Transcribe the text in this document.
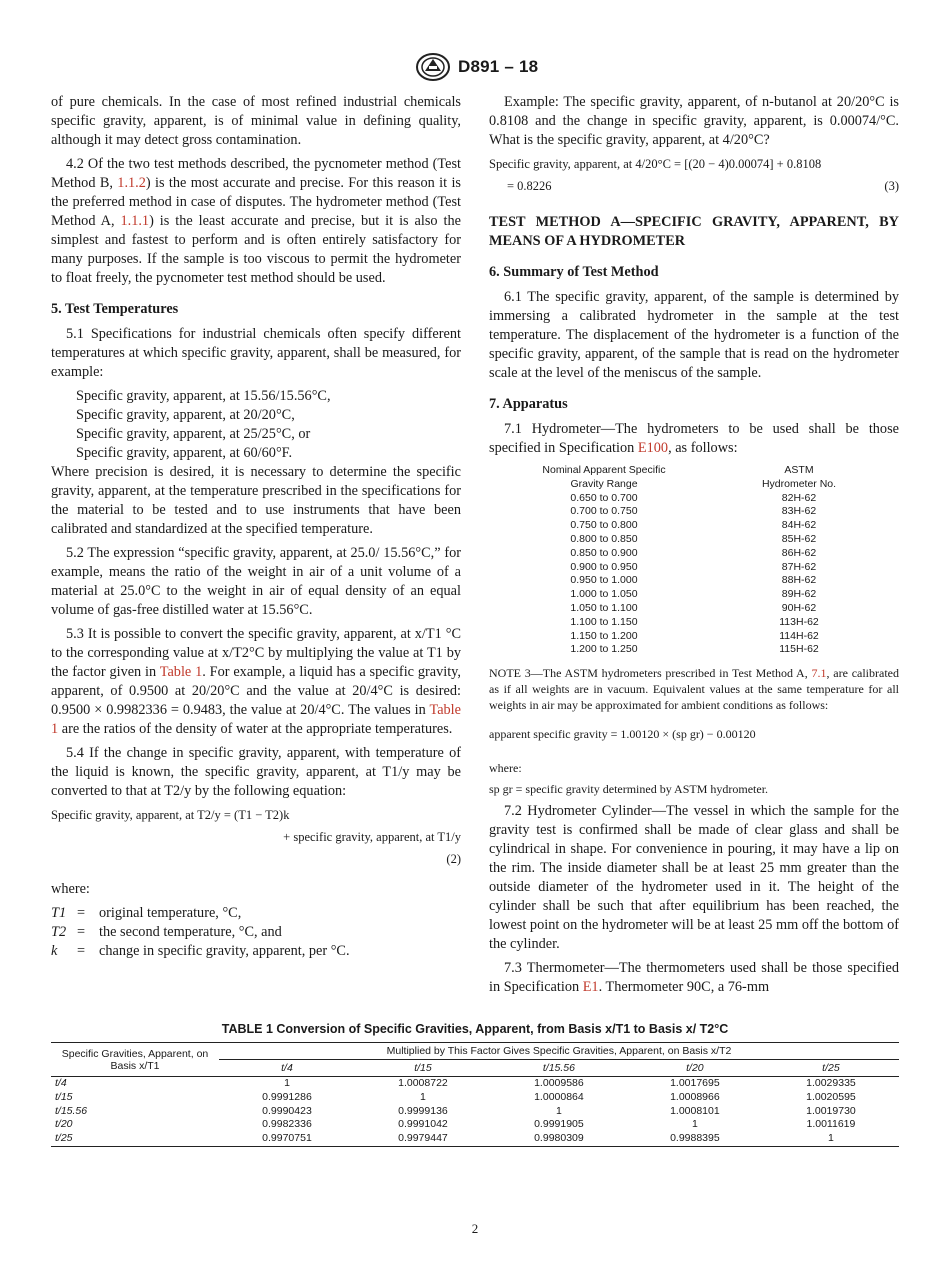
D891 – 18

of pure chemicals. In the case of most refined industrial chemicals specific gravity, apparent, is of minimal value in defining quality, although it may detect gross contamination.

4.2 Of the two test methods described, the pycnometer method (Test Method B, 1.1.2) is the most accurate and precise. For this reason it is the preferred method in case of disputes. The hydrometer method (Test Method A, 1.1.1) is the least accurate and precise, but it is also the simplest and fastest to perform and is often entirely satisfactory for many purposes. If the sample is too viscous to permit the hydrometer to float freely, the pycnometer test method should be used.

5. Test Temperatures

5.1 Specifications for industrial chemicals often specify different temperatures at which specific gravity, apparent, shall be measured, for example:

Specific gravity, apparent, at 15.56/15.56°C,

Specific gravity, apparent, at 20/20°C,

Specific gravity, apparent, at 25/25°C, or

Specific gravity, apparent, at 60/60°F.

Where precision is desired, it is necessary to determine the specific gravity, apparent, at the temperature prescribed in the specifications for the material to be tested and to use instruments that have been calibrated and standardized at the specified temperature.

5.2 The expression “specific gravity, apparent, at 25.0/ 15.56°C,” for example, means the ratio of the weight in air of a unit volume of a material at 25.0°C to the weight in air of equal density of an equal volume of gas-free distilled water at 15.56°C.

5.3 It is possible to convert the specific gravity, apparent, at x/T1 °C to the corresponding value at x/T2°C by multiplying the value at T1 by the factor given in Table 1. For example, a liquid has a specific gravity, apparent, of 0.9500 at 20/20°C and the value at 20/4°C is desired: 0.9500 × 0.9982336 = 0.9483, the value at 20/4°C. The values in Table 1 are the ratios of the density of water at the appropriate temperatures.

5.4 If the change in specific gravity, apparent, with temperature of the liquid is known, the specific gravity, apparent, at T1/y may be converted to that at T2/y by the following equation:

Specific gravity, apparent, at T2/y = (T1 − T2)k
+ specific gravity, apparent, at T1/y
(2)

where:

T1 = original temperature, °C,
T2 = the second temperature, °C, and
k	= change in specific gravity, apparent, per °C.

Example: The specific gravity, apparent, of n-butanol at 20/20°C is 0.8108 and the change in specific gravity, apparent, is 0.00074/°C. What is the specific gravity, apparent, at 4/20°C?

Specific gravity, apparent, at 4/20°C = [(20 − 4)0.00074] + 0.8108
= 0.8226	(3)

TEST METHOD A—SPECIFIC GRAVITY, APPARENT, BY MEANS OF A HYDROMETER

6. Summary of Test Method

6.1 The specific gravity, apparent, of the sample is determined by immersing a calibrated hydrometer in the sample at the test temperature. The displacement of the hydrometer is a function of the specific gravity, apparent, of the sample that is read on the hydrometer scale at the level of the meniscus of the sample.

7. Apparatus

7.1 Hydrometer—The hydrometers to be used shall be those specified in Specification E100, as follows:

Nominal Apparent Specific	ASTM
Gravity Range	Hydrometer No.
0.650 to 0.700	82H-62
0.700 to 0.750	83H-62
0.750 to 0.800	84H-62
0.800 to 0.850	85H-62
0.850 to 0.900	86H-62
0.900 to 0.950	87H-62
0.950 to 1.000	88H-62
1.000 to 1.050	89H-62
1.050 to 1.100	90H-62
1.100 to 1.150	113H-62
1.150 to 1.200	114H-62
1.200 to 1.250	115H-62

NOTE 3—The ASTM hydrometers prescribed in Test Method A, 7.1, are calibrated as if all weights are in vacuum. Equivalent values at the same temperature for all weights in air may be approximated for ambient conditions as follows:

apparent specific gravity = 1.00120 × (sp gr) − 0.00120

where:

sp gr = specific gravity determined by ASTM hydrometer.

7.2 Hydrometer Cylinder—The vessel in which the sample for the gravity test is confirmed shall be made of clear glass and shall be cylindrical in shape. For convenience in pouring, it may have a lip on the rim. The inside diameter shall be at least 25 mm greater than the outside diameter of the hydrometer used in it. The height of the cylinder shall be such that after equilibrium has been reached, the lowest point on the hydrometer will be at least 25 mm off the bottom of the cylinder.

7.3 Thermometer—The thermometers used shall be those specified in Specification E1. Thermometer 90C, a 76-mm

TABLE 1 Conversion of Specific Gravities, Apparent, from Basis x/T1 to Basis x/ T2°C
Specific Gravities, Apparent, on Basis x/T1	Multiplied by This Factor Gives Specific Gravities, Apparent, on Basis x/T2				
	t/4	t/15	t/15.56	t/20	t/25
t/4	1	1.0008722	1.0009586	1.0017695	1.0029335
t/15	0.9991286	1	1.0000864	1.0008966	1.0020595
t/15.56	0.9990423	0.9999136	1	1.0008101	1.0019730
t/20	0.9982336	0.9991042	0.9991905	1	1.0011619
t/25	0.9970751	0.9979447	0.9980309	0.9988395	1
2
